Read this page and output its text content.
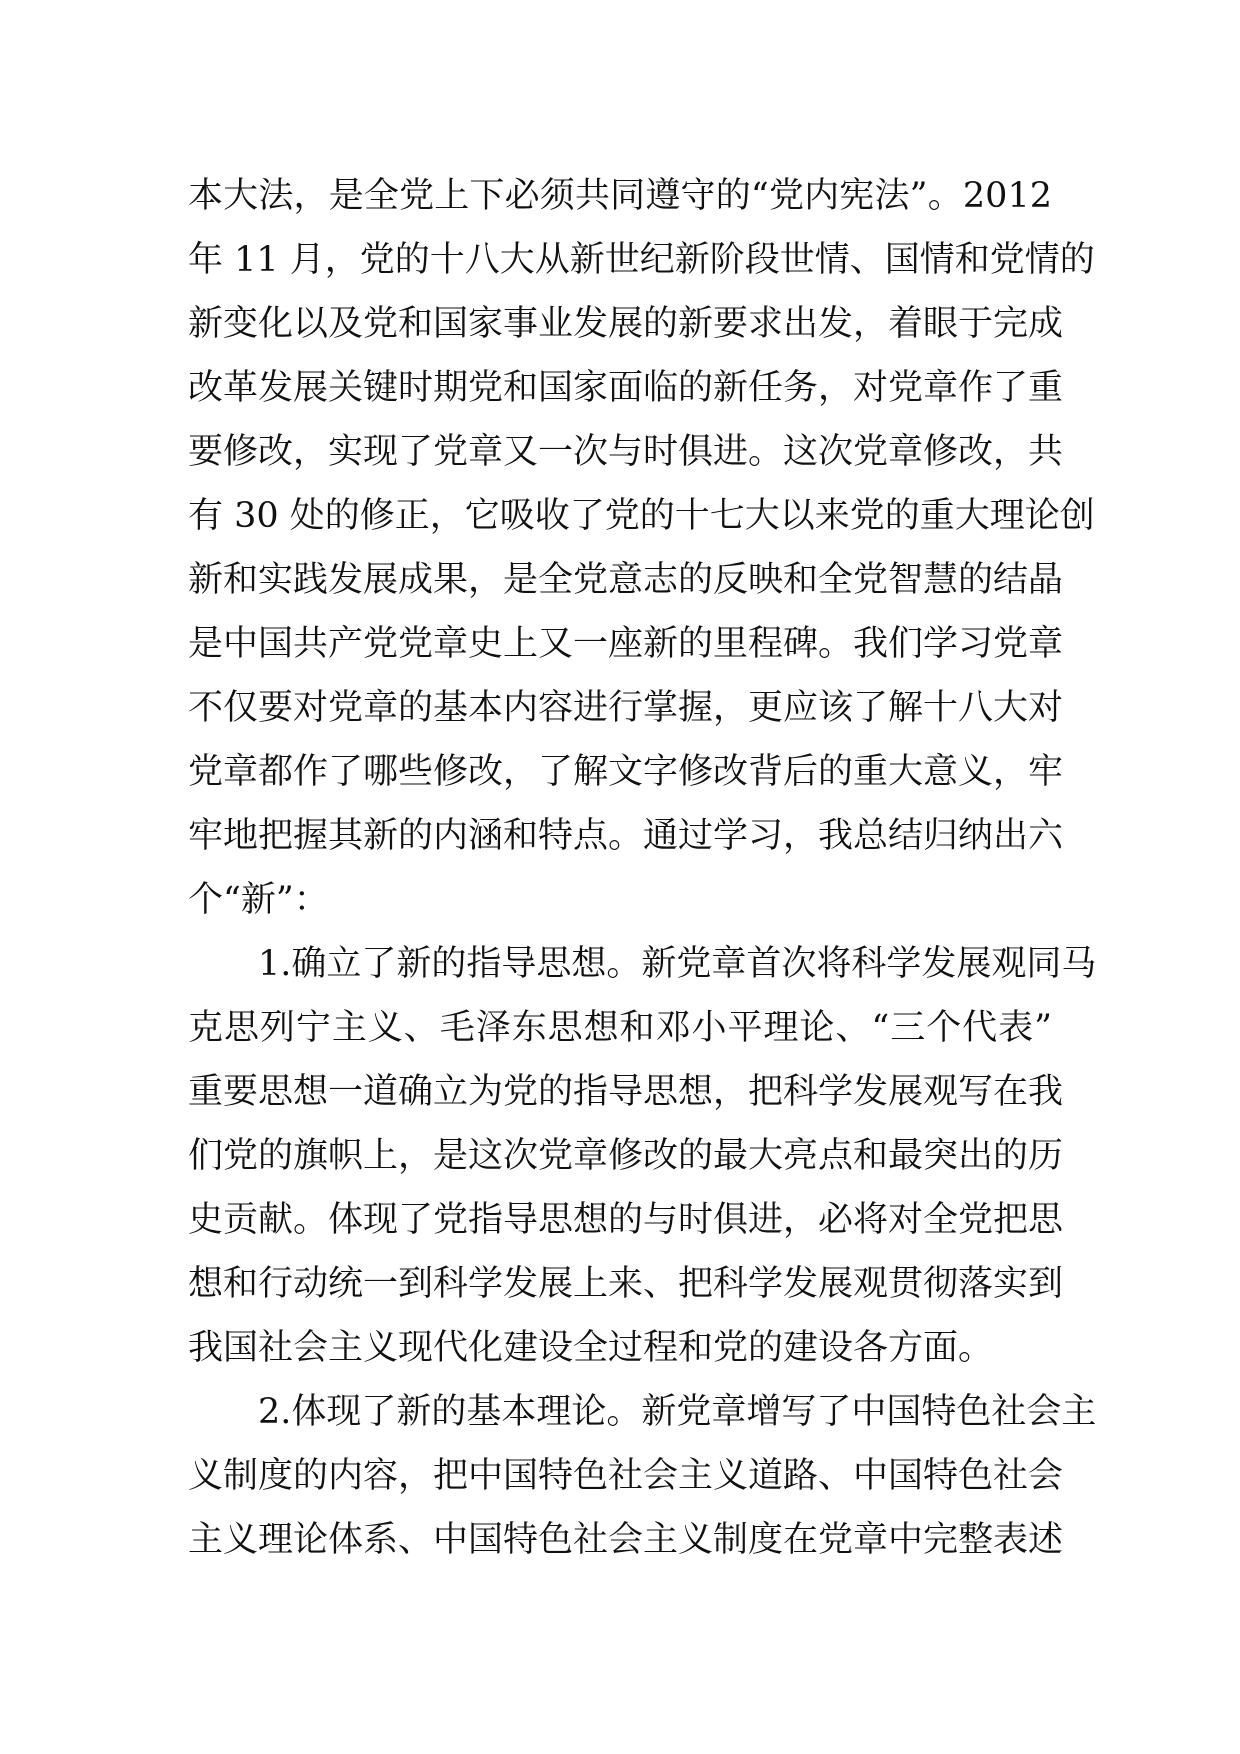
本大法，是全党上下必须共同遵守的“党内宪法”。2012
年 11 月，党的十八大从新世纪新阶段世情、国情和党情的
新变化以及党和国家事业发展的新要求出发，着眼于完成
改革发展关键时期党和国家面临的新任务，对党章作了重
要修改，实现了党章又一次与时俱进。这次党章修改，共
有 30 处的修正，它吸收了党的十七大以来党的重大理论创
新和实践发展成果，是全党意志的反映和全党智慧的结晶
是中国共产党党章史上又一座新的里程碑。我们学习党章
不仅要对党章的基本内容进行掌握，更应该了解十八大对
党章都作了哪些修改，了解文字修改背后的重大意义，牢
牢地把握其新的内涵和特点。通过学习，我总结归纳出六
个“新”：
1.确立了新的指导思想。新党章首次将科学发展观同马
克思列宁主义、毛泽东思想和邓小平理论、“三个代表”
重要思想一道确立为党的指导思想，把科学发展观写在我
们党的旗帜上，是这次党章修改的最大亮点和最突出的历
史贡献。体现了党指导思想的与时俱进，必将对全党把思
想和行动统一到科学发展上来、把科学发展观贯彻落实到
我国社会主义现代化建设全过程和党的建设各方面。
2.体现了新的基本理论。新党章增写了中国特色社会主
义制度的内容，把中国特色社会主义道路、中国特色社会
主义理论体系、中国特色社会主义制度在党章中完整表述
